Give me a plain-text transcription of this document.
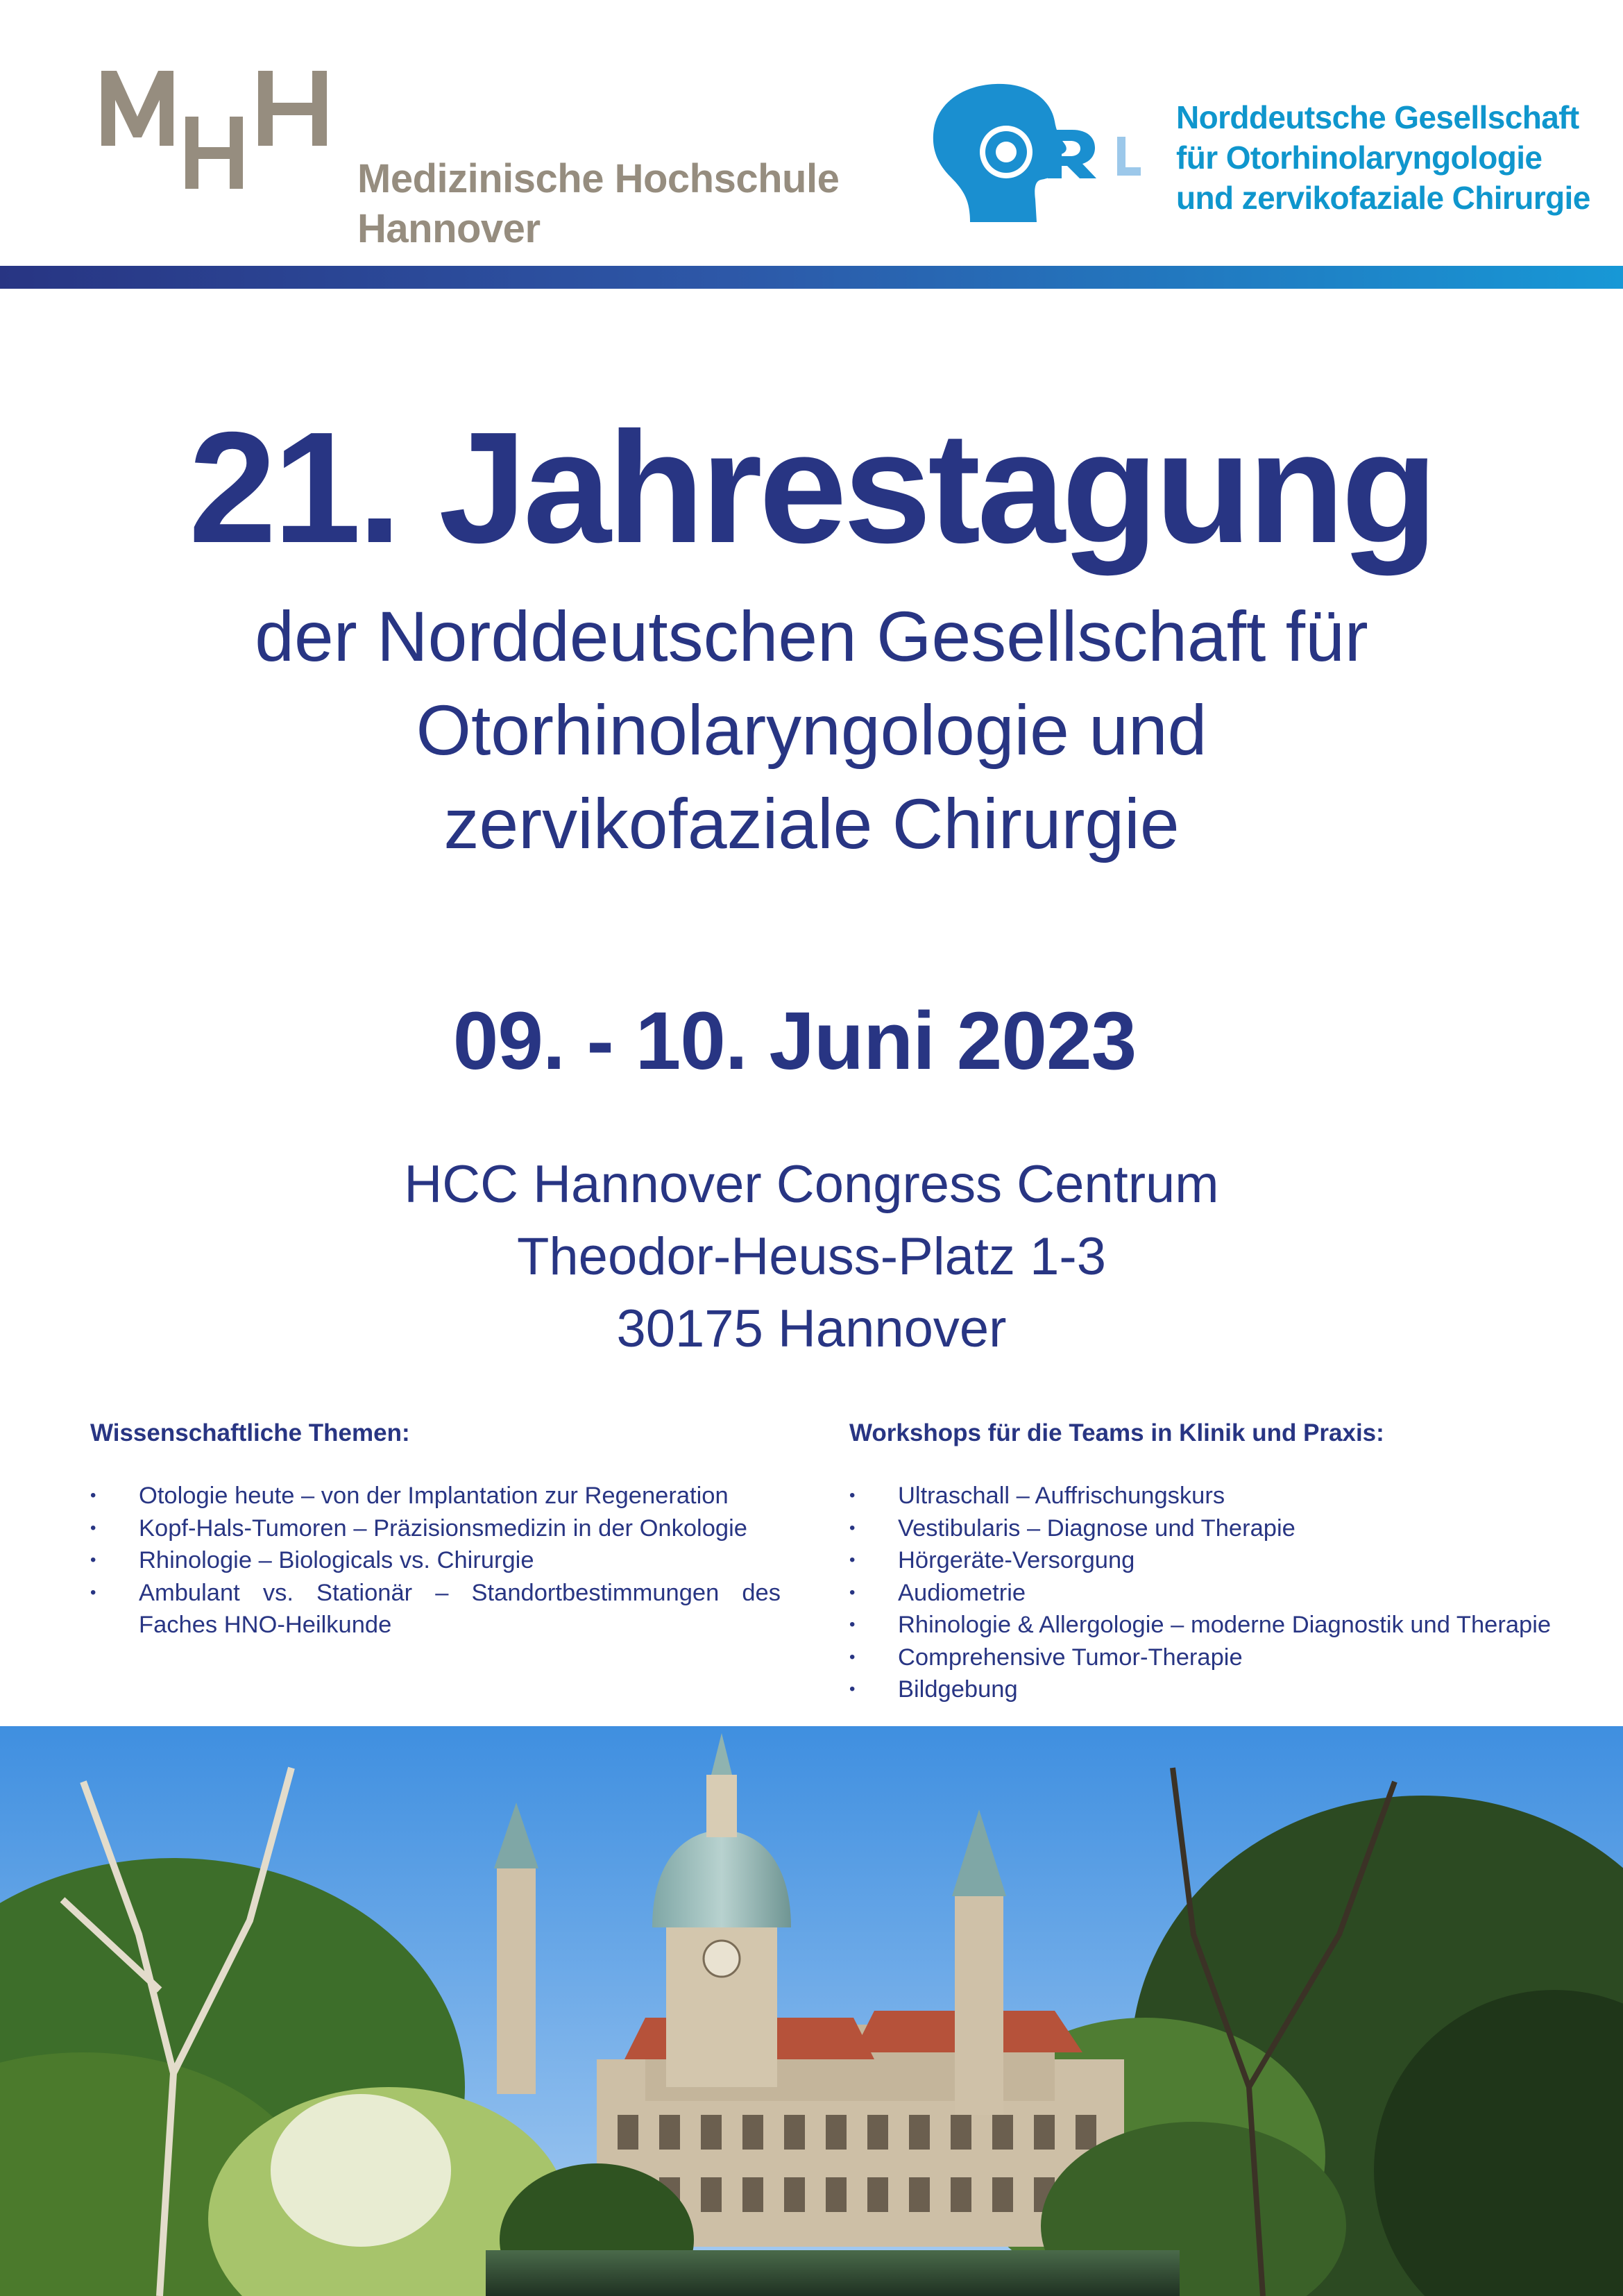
Medizinische Hochschule
Hannover
Norddeutsche Gesellschaft
für Otorhinolaryngologie
und zervikofaziale Chirurgie
21. Jahrestagung
der Norddeutschen Gesellschaft für
Otorhinolaryngologie und
zervikofaziale Chirurgie
09. - 10. Juni 2023
HCC Hannover Congress Centrum
Theodor-Heuss-Platz 1-3
30175 Hannover
Wissenschaftliche Themen:
• Otologie heute – von der Implantation zur Regeneration
• Kopf-Hals-Tumoren – Präzisionsmedizin in der Onkologie
• Rhinologie – Biologicals vs. Chirurgie
• Ambulant vs. Stationär – Standortbestimmungen des Faches HNO-Heilkunde
Workshops für die Teams in Klinik und Praxis:
• Ultraschall – Auffrischungskurs
• Vestibularis – Diagnose und Therapie
• Hörgeräte-Versorgung
• Audiometrie
• Rhinologie & Allergologie – moderne Diagnostik und Therapie
• Comprehensive Tumor-Therapie
• Bildgebung
